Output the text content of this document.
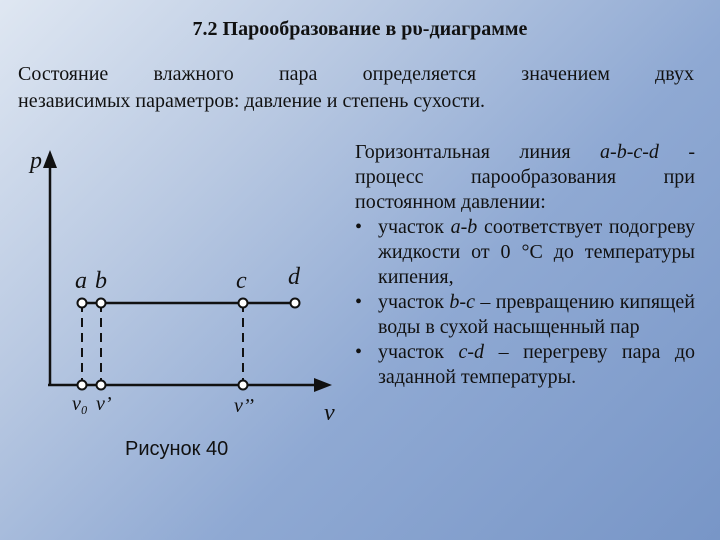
7.2 Парообразование в pυ-диаграмме
Состояние влажного пара определяется значением двух
независимых параметров: давление и степень сухости.
p
v
a b	c d
v₀ v’	v’’
Рисунок 40

Горизонтальная линия a-b-c-d - процесс парообразования при постоянном давлении:

• участок a-b соответствует подогреву жидкости от 0 °С до температуры кипения,
• участок b-c – превращению кипящей воды в сухой насыщенный пар
• участок c-d – перегреву пара до заданной температуры.
